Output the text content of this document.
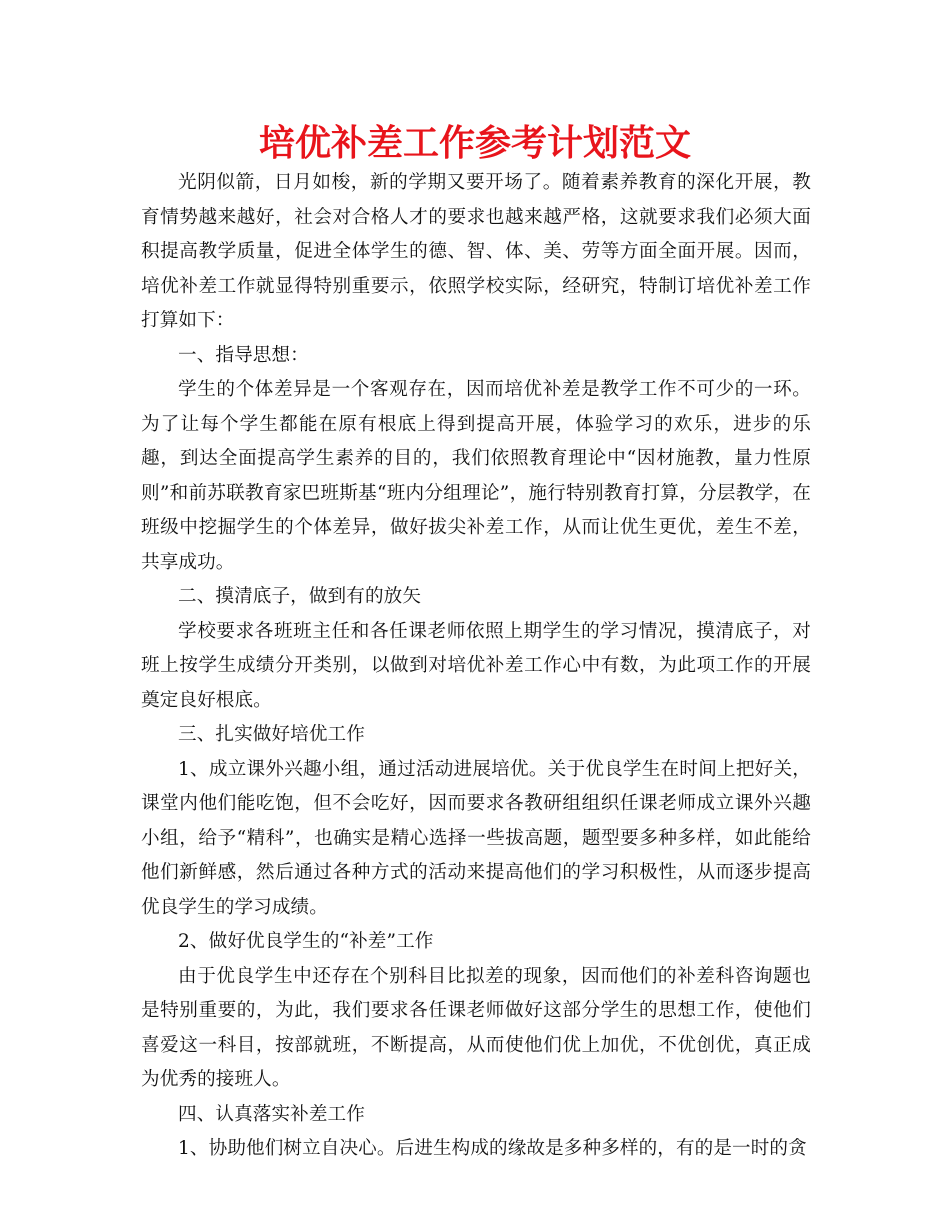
培优补差工作参考计划范文

光阴似箭，日月如梭，新的学期又要开场了。随着素养教育的深化开展，教育情势越来越好，社会对合格人才的要求也越来越严格，这就要求我们必须大面积提高教学质量，促进全体学生的德、智、体、美、劳等方面全面开展。因而，培优补差工作就显得特别重要示，依照学校实际，经研究，特制订培优补差工作打算如下：

一、指导思想：

学生的个体差异是一个客观存在，因而培优补差是教学工作不可少的一环。为了让每个学生都能在原有根底上得到提高开展，体验学习的欢乐，进步的乐趣，到达全面提高学生素养的目的，我们依照教育理论中“因材施教，量力性原则”和前苏联教育家巴班斯基“班内分组理论”，施行特别教育打算，分层教学，在班级中挖掘学生的个体差异，做好拔尖补差工作，从而让优生更优，差生不差，共享成功。

二、摸清底子，做到有的放矢

学校要求各班班主任和各任课老师依照上期学生的学习情况，摸清底子，对班上按学生成绩分开类别，以做到对培优补差工作心中有数，为此项工作的开展奠定良好根底。

三、扎实做好培优工作

1、成立课外兴趣小组，通过活动进展培优。关于优良学生在时间上把好关，课堂内他们能吃饱，但不会吃好，因而要求各教研组组织任课老师成立课外兴趣小组，给予“精科”，也确实是精心选择一些拔高题，题型要多种多样，如此能给他们新鲜感，然后通过各种方式的活动来提高他们的学习积极性，从而逐步提高优良学生的学习成绩。

2、做好优良学生的“补差”工作

由于优良学生中还存在个别科目比拟差的现象，因而他们的补差科咨询题也是特别重要的，为此，我们要求各任课老师做好这部分学生的思想工作，使他们喜爱这一科目，按部就班，不断提高，从而使他们优上加优，不优创优，真正成为优秀的接班人。

四、认真落实补差工作

1、协助他们树立自决心。后进生构成的缘故是多种多样的，有的是一时的贪
